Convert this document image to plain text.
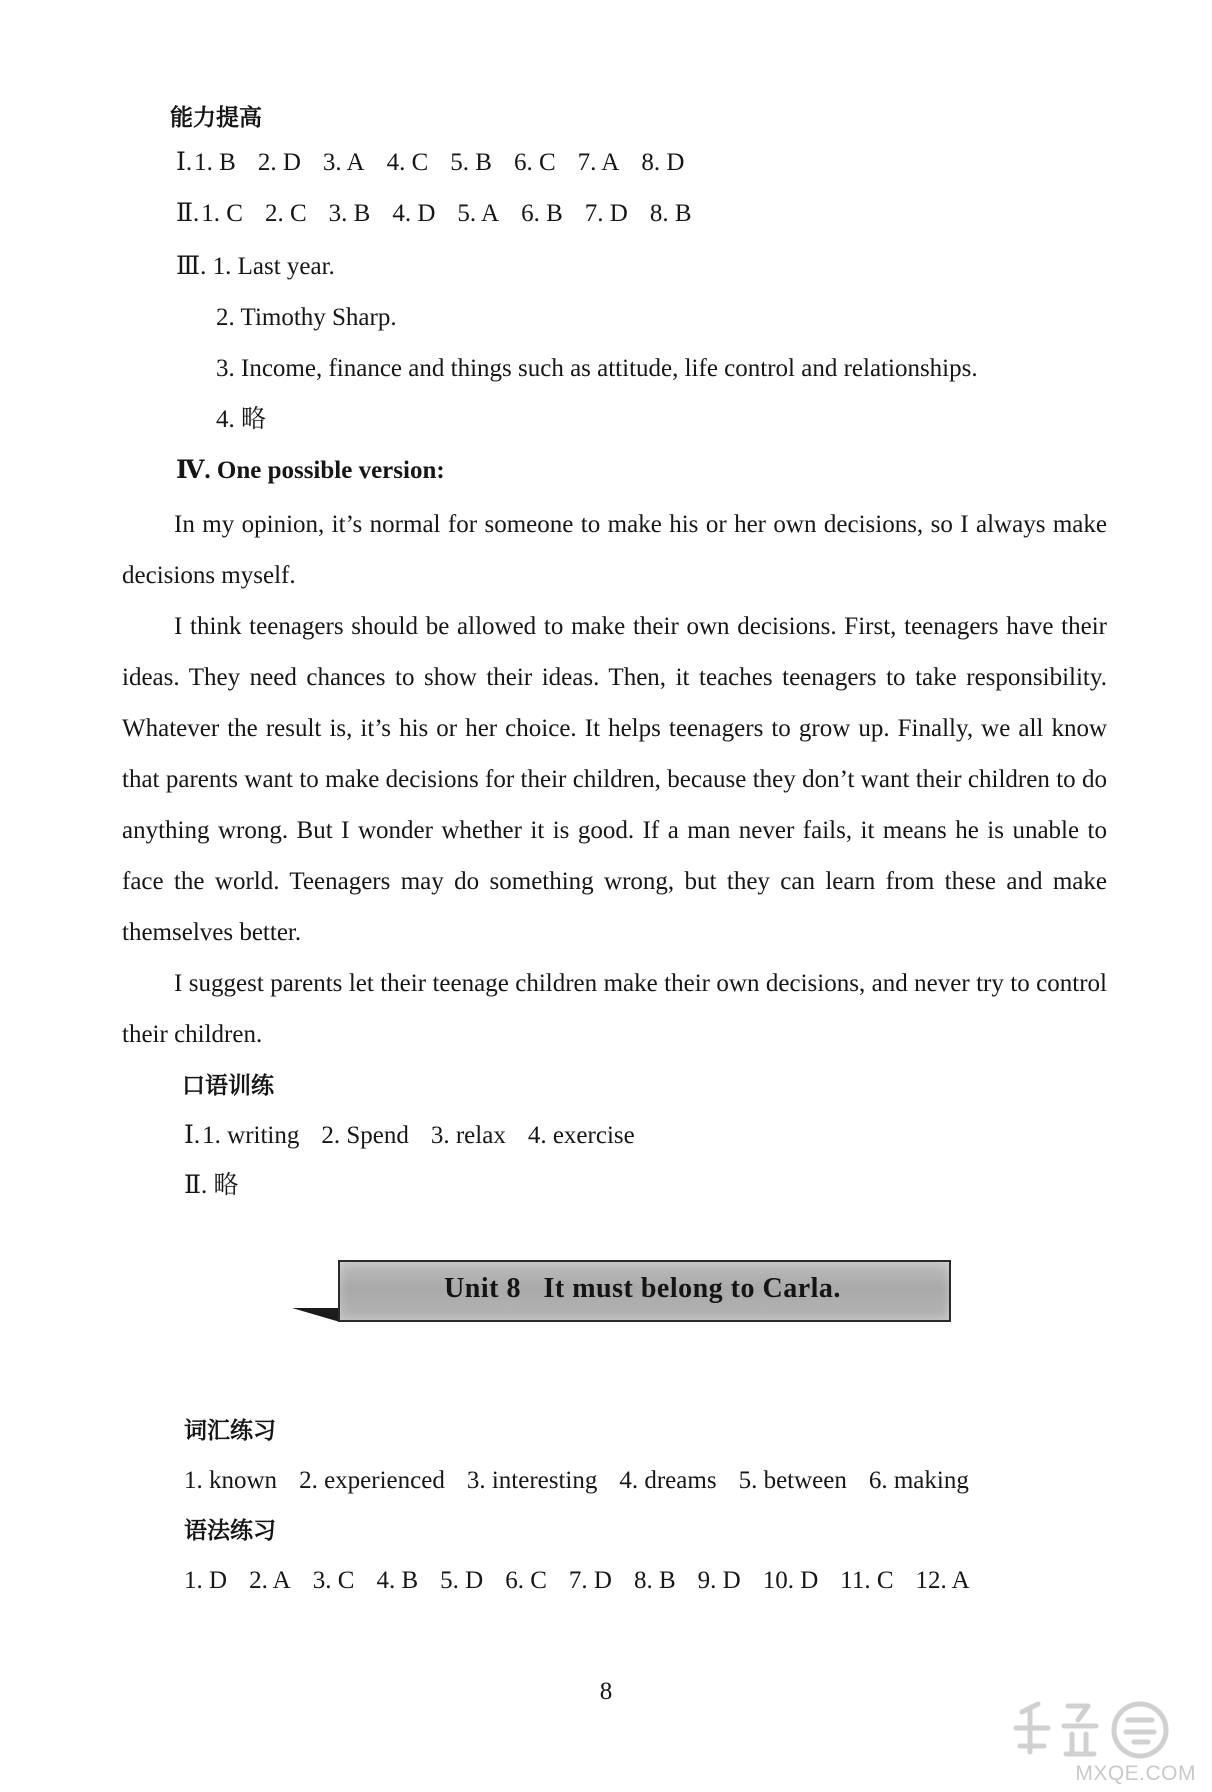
能力提高
Ⅰ.1. B 2. D 3. A 4. C 5. B 6. C 7. A 8. D
Ⅱ.1. C 2. C 3. B 4. D 5. A 6. B 7. D 8. B
Ⅲ. 1. Last year.
2. Timothy Sharp.
3. Income, finance and things such as attitude, life control and relationships.
4. 略
Ⅳ. One possible version:
In my opinion, it’s normal for someone to make his or her own decisions, so I always make decisions myself.
I think teenagers should be allowed to make their own decisions. First, teenagers have their ideas. They need chances to show their ideas. Then, it teaches teenagers to take responsibility. Whatever the result is, it’s his or her choice. It helps teenagers to grow up. Finally, we all know that parents want to make decisions for their children, because they don’t want their children to do anything wrong. But I wonder whether it is good. If a man never fails, it means he is unable to face the world. Teenagers may do something wrong, but they can learn from these and make themselves better.
I suggest parents let their teenage children make their own decisions, and never try to control their children.
口语训练
Ⅰ.1. writing 2. Spend 3. relax 4. exercise
Ⅱ. 略
Unit 8   It must belong to Carla.
词汇练习
1. known 2. experienced 3. interesting 4. dreams 5. between 6. making
语法练习
1. D 2. A 3. C 4. B 5. D 6. C 7. D 8. B 9. D 10. D 11. C 12. A
8
答案圈
MXQE.COM
